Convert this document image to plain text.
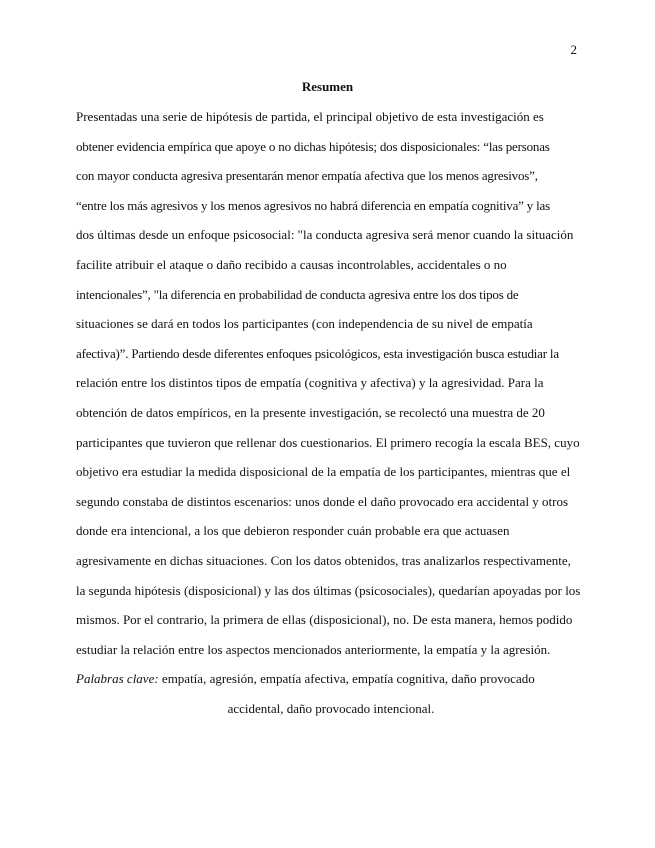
2
Resumen
Presentadas una serie de hipótesis de partida, el principal objetivo de esta investigación es
obtener evidencia empírica que apoye o no dichas hipótesis; dos disposicionales: “las personas
con mayor conducta agresiva presentarán menor empatía afectiva que los menos agresivos”,
“entre los más agresivos y los menos agresivos no habrá diferencia en empatía cognitiva” y las
dos últimas desde un enfoque psicosocial: "la conducta agresiva será menor cuando la situación
facilite atribuir el ataque o daño recibido a causas incontrolables, accidentales o no
intencionales”, "la diferencia en probabilidad de conducta agresiva entre los dos tipos de
situaciones se dará en todos los participantes (con independencia de su nivel de empatía
afectiva)”. Partiendo desde diferentes enfoques psicológicos, esta investigación busca estudiar la
relación entre los distintos tipos de empatía (cognitiva y afectiva) y la agresividad. Para la
obtención de datos empíricos, en la presente investigación, se recolectó una muestra de 20
participantes que tuvieron que rellenar dos cuestionarios. El primero recogía la escala BES, cuyo
objetivo era estudiar la medida disposicional de la empatía de los participantes, mientras que el
segundo constaba de distintos escenarios: unos donde el daño provocado era accidental y otros
donde era intencional, a los que debieron responder cuán probable era que actuasen
agresivamente en dichas situaciones. Con los datos obtenidos, tras analizarlos respectivamente,
la segunda hipótesis (disposicional) y las dos últimas (psicosociales), quedarían apoyadas por los
mismos. Por el contrario, la primera de ellas (disposicional), no. De esta manera, hemos podido
estudiar la relación entre los aspectos mencionados anteriormente, la empatía y la agresión.
Palabras clave: empatía, agresión, empatía afectiva, empatía cognitiva, daño provocado
accidental, daño provocado intencional.
